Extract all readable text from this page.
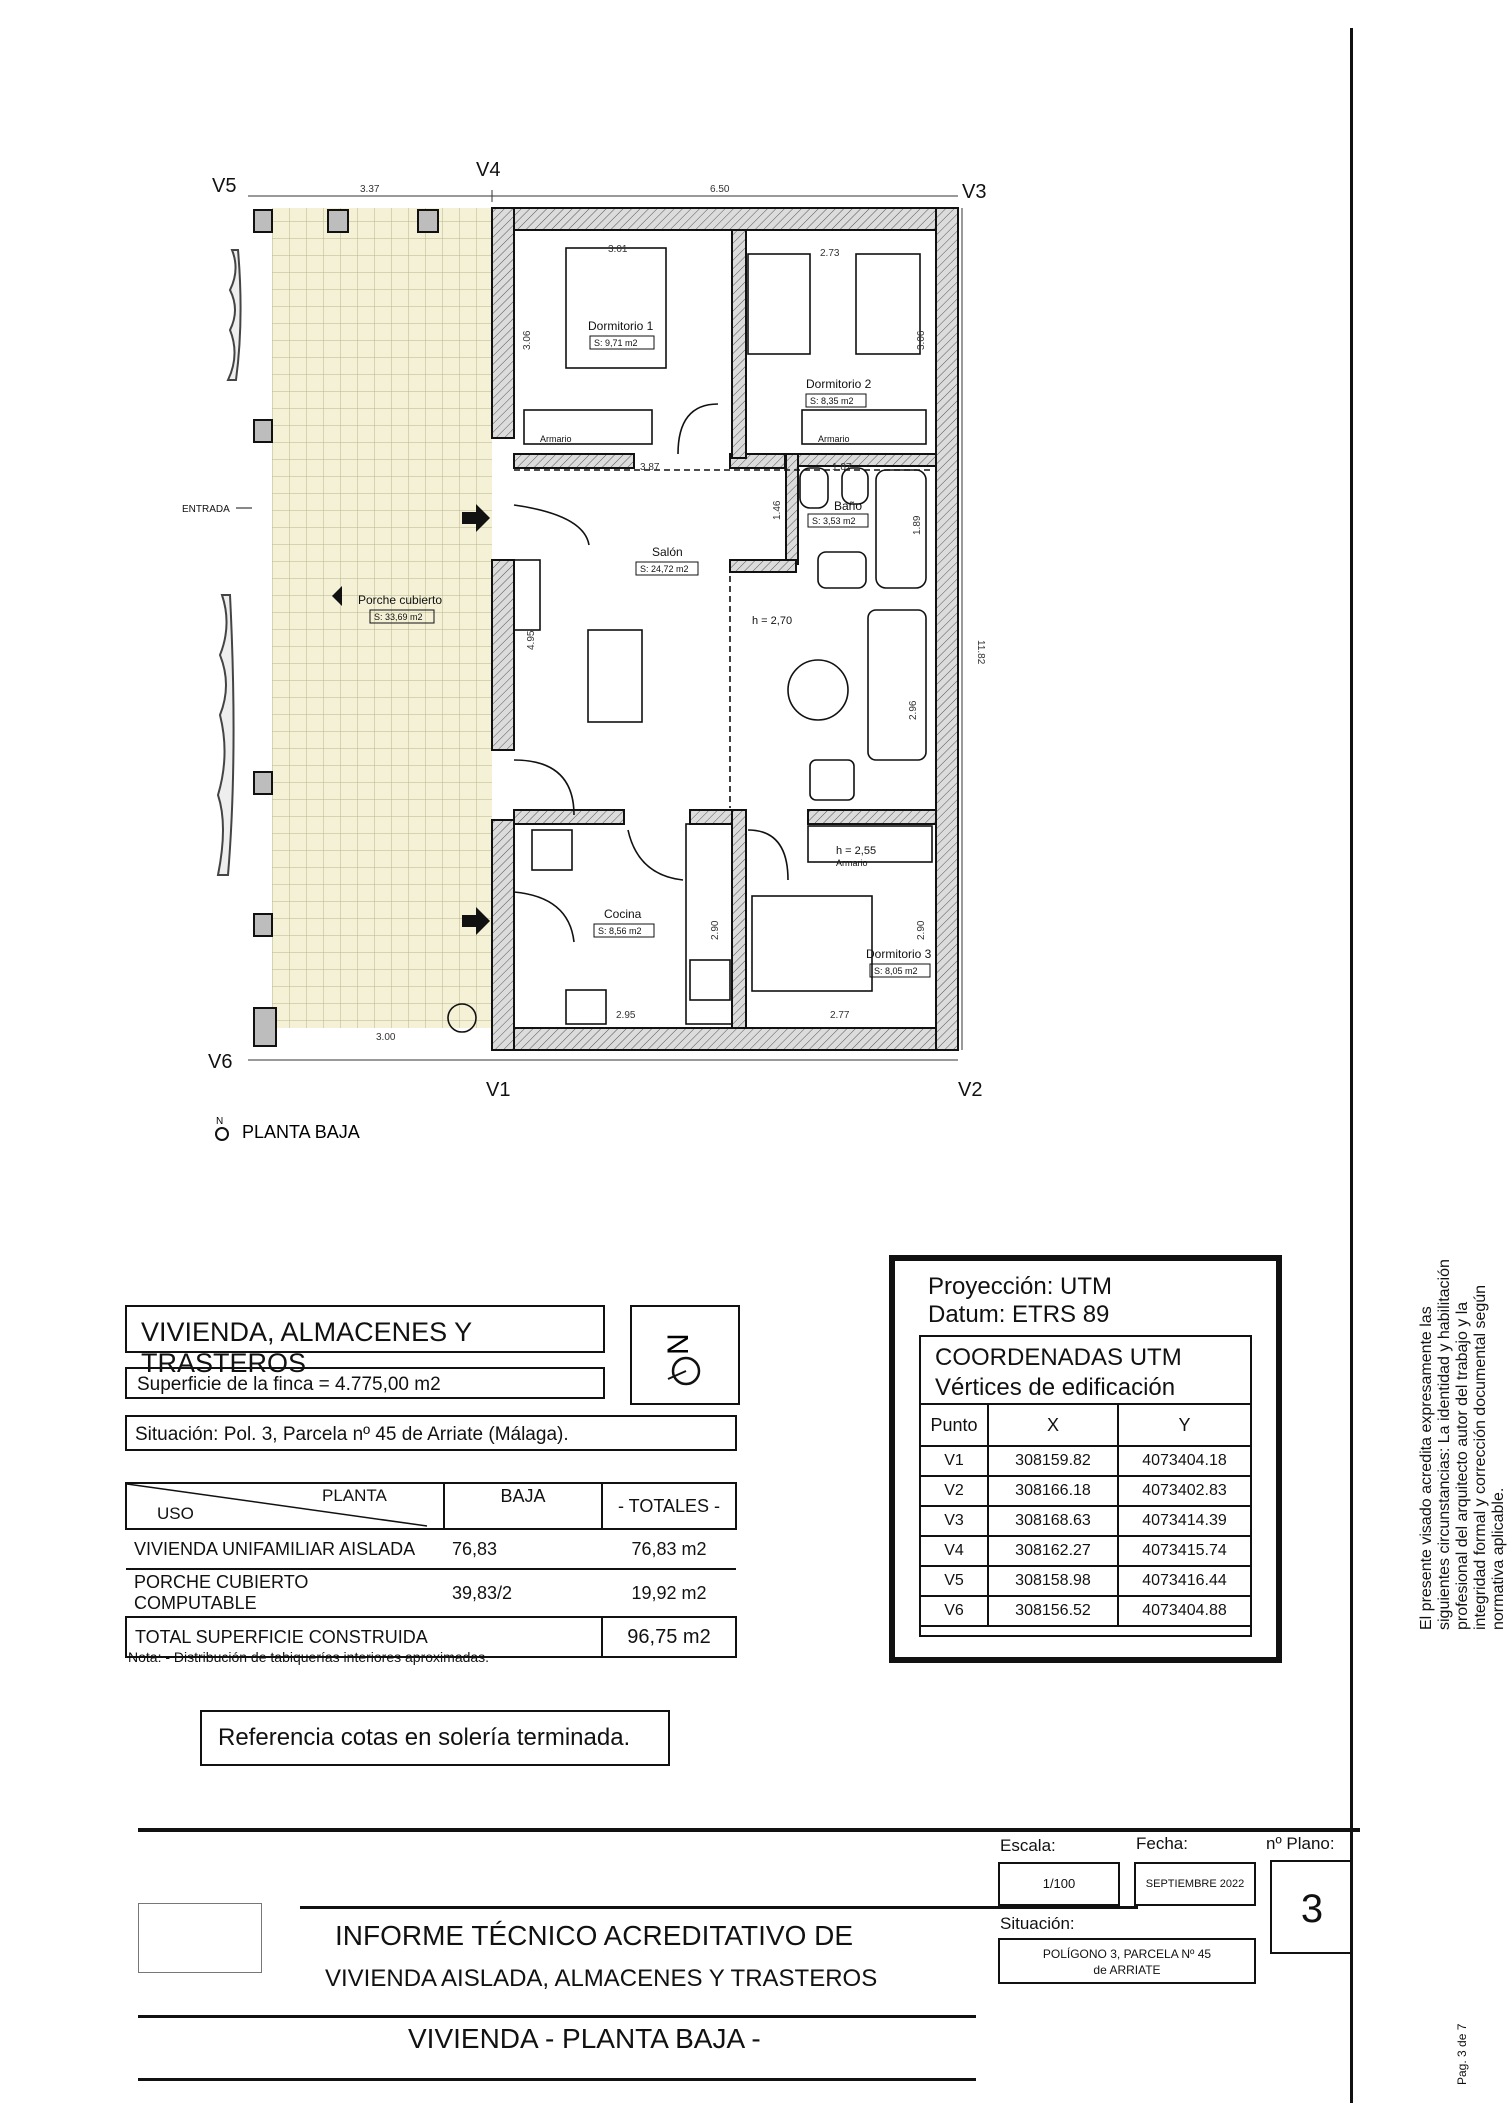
V5
V4
V3
V6
V1	V2
3.37	6.50
11.82
3.01
3.06
2.73
3.06
3.87
1.46
1.87
1.89
4.95
2.96
2.90	2.90
2.95	2.77
3.00
Dormitorio 1
S: 9,71 m2
Dormitorio 2
S: 8,35 m2
Baño
S: 3,53 m2
Salón
S: 24,72 m2
Porche cubierto
S: 33,69 m2
Cocina
S: 8,56 m2
Dormitorio 3
S: 8,05 m2
Armario	Armario
Armario
h = 2,70
h = 2,55
ENTRADA
N
PLANTA BAJA
VIVIENDA, ALMACENES Y TRASTEROS
N
Superficie de la finca = 4.775,00 m2
Situación: Pol. 3, Parcela nº 45 de Arriate (Málaga).
PLANTA
USO	BAJA	- TOTALES -
VIVIENDA UNIFAMILIAR AISLADA	76,83	76,83 m2
PORCHE CUBIERTO COMPUTABLE	39,83/2	19,92 m2
TOTAL SUPERFICIE CONSTRUIDA		96,75 m2
Nota: - Distribución de tabiquerías interiores aproximadas.
Referencia cotas en solería terminada.
Proyección: UTM
Datum: ETRS 89
COORDENADAS UTM
Vértices de edificación
Punto	X	Y
V1	308159.82	4073404.18
V2	308166.18	4073402.83
V3	308168.63	4073414.39
V4	308162.27	4073415.74
V5	308158.98	4073416.44
V6	308156.52	4073404.88	El presente visado acredita expresamente las siguientes circunstancias: La identidad y habilitación profesional del arquitecto autor del trabajo y la integridad formal y corrección documental según normativa aplicable.
Escala:
1/100
Fecha:
SEPTIEMBRE 2022
nº Plano:
3
Situación:
POLÍGONO 3, PARCELA Nº 45
de ARRIATE
INFORME TÉCNICO ACREDITATIVO DE
VIVIENDA AISLADA, ALMACENES Y TRASTEROS
VIVIENDA - PLANTA BAJA -	Pag. 3 de 7
